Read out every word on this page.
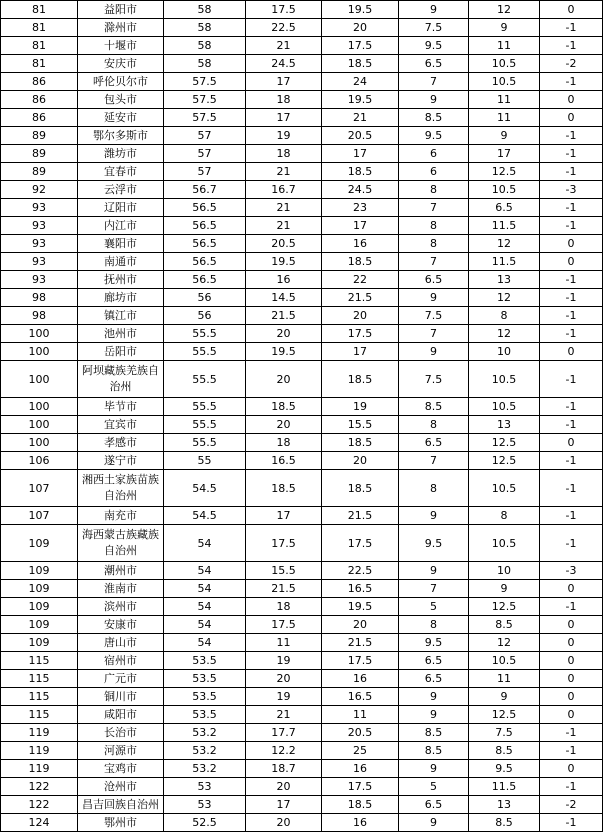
81	益阳市	58	17.5	19.5	9	12	0
81	滁州市	58	22.5	20	7.5	9	-1
81	十堰市	58	21	17.5	9.5	11	-1
81	安庆市	58	24.5	18.5	6.5	10.5	-2
86	呼伦贝尔市	57.5	17	24	7	10.5	-1
86	包头市	57.5	18	19.5	9	11	0
86	延安市	57.5	17	21	8.5	11	0
89	鄂尔多斯市	57	19	20.5	9.5	9	-1
89	潍坊市	57	18	17	6	17	-1
89	宜春市	57	21	18.5	6	12.5	-1
92	云浮市	56.7	16.7	24.5	8	10.5	-3
93	辽阳市	56.5	21	23	7	6.5	-1
93	内江市	56.5	21	17	8	11.5	-1
93	襄阳市	56.5	20.5	16	8	12	0
93	南通市	56.5	19.5	18.5	7	11.5	0
93	抚州市	56.5	16	22	6.5	13	-1
98	廊坊市	56	14.5	21.5	9	12	-1
98	镇江市	56	21.5	20	7.5	8	-1
100	池州市	55.5	20	17.5	7	12	-1
100	岳阳市	55.5	19.5	17	9	10	0
100	阿坝藏族羌族自治州	55.5	20	18.5	7.5	10.5	-1
100	毕节市	55.5	18.5	19	8.5	10.5	-1
100	宜宾市	55.5	20	15.5	8	13	-1
100	孝感市	55.5	18	18.5	6.5	12.5	0
106	遂宁市	55	16.5	20	7	12.5	-1
107	湘西土家族苗族自治州	54.5	18.5	18.5	8	10.5	-1
107	南充市	54.5	17	21.5	9	8	-1
109	海西蒙古族藏族自治州	54	17.5	17.5	9.5	10.5	-1
109	潮州市	54	15.5	22.5	9	10	-3
109	淮南市	54	21.5	16.5	7	9	0
109	滨州市	54	18	19.5	5	12.5	-1
109	安康市	54	17.5	20	8	8.5	0
109	唐山市	54	11	21.5	9.5	12	0
115	宿州市	53.5	19	17.5	6.5	10.5	0
115	广元市	53.5	20	16	6.5	11	0
115	铜川市	53.5	19	16.5	9	9	0
115	咸阳市	53.5	21	11	9	12.5	0
119	长治市	53.2	17.7	20.5	8.5	7.5	-1
119	河源市	53.2	12.2	25	8.5	8.5	-1
119	宝鸡市	53.2	18.7	16	9	9.5	0
122	沧州市	53	20	17.5	5	11.5	-1
122	昌吉回族自治州	53	17	18.5	6.5	13	-2
124	鄂州市	52.5	20	16	9	8.5	-1
